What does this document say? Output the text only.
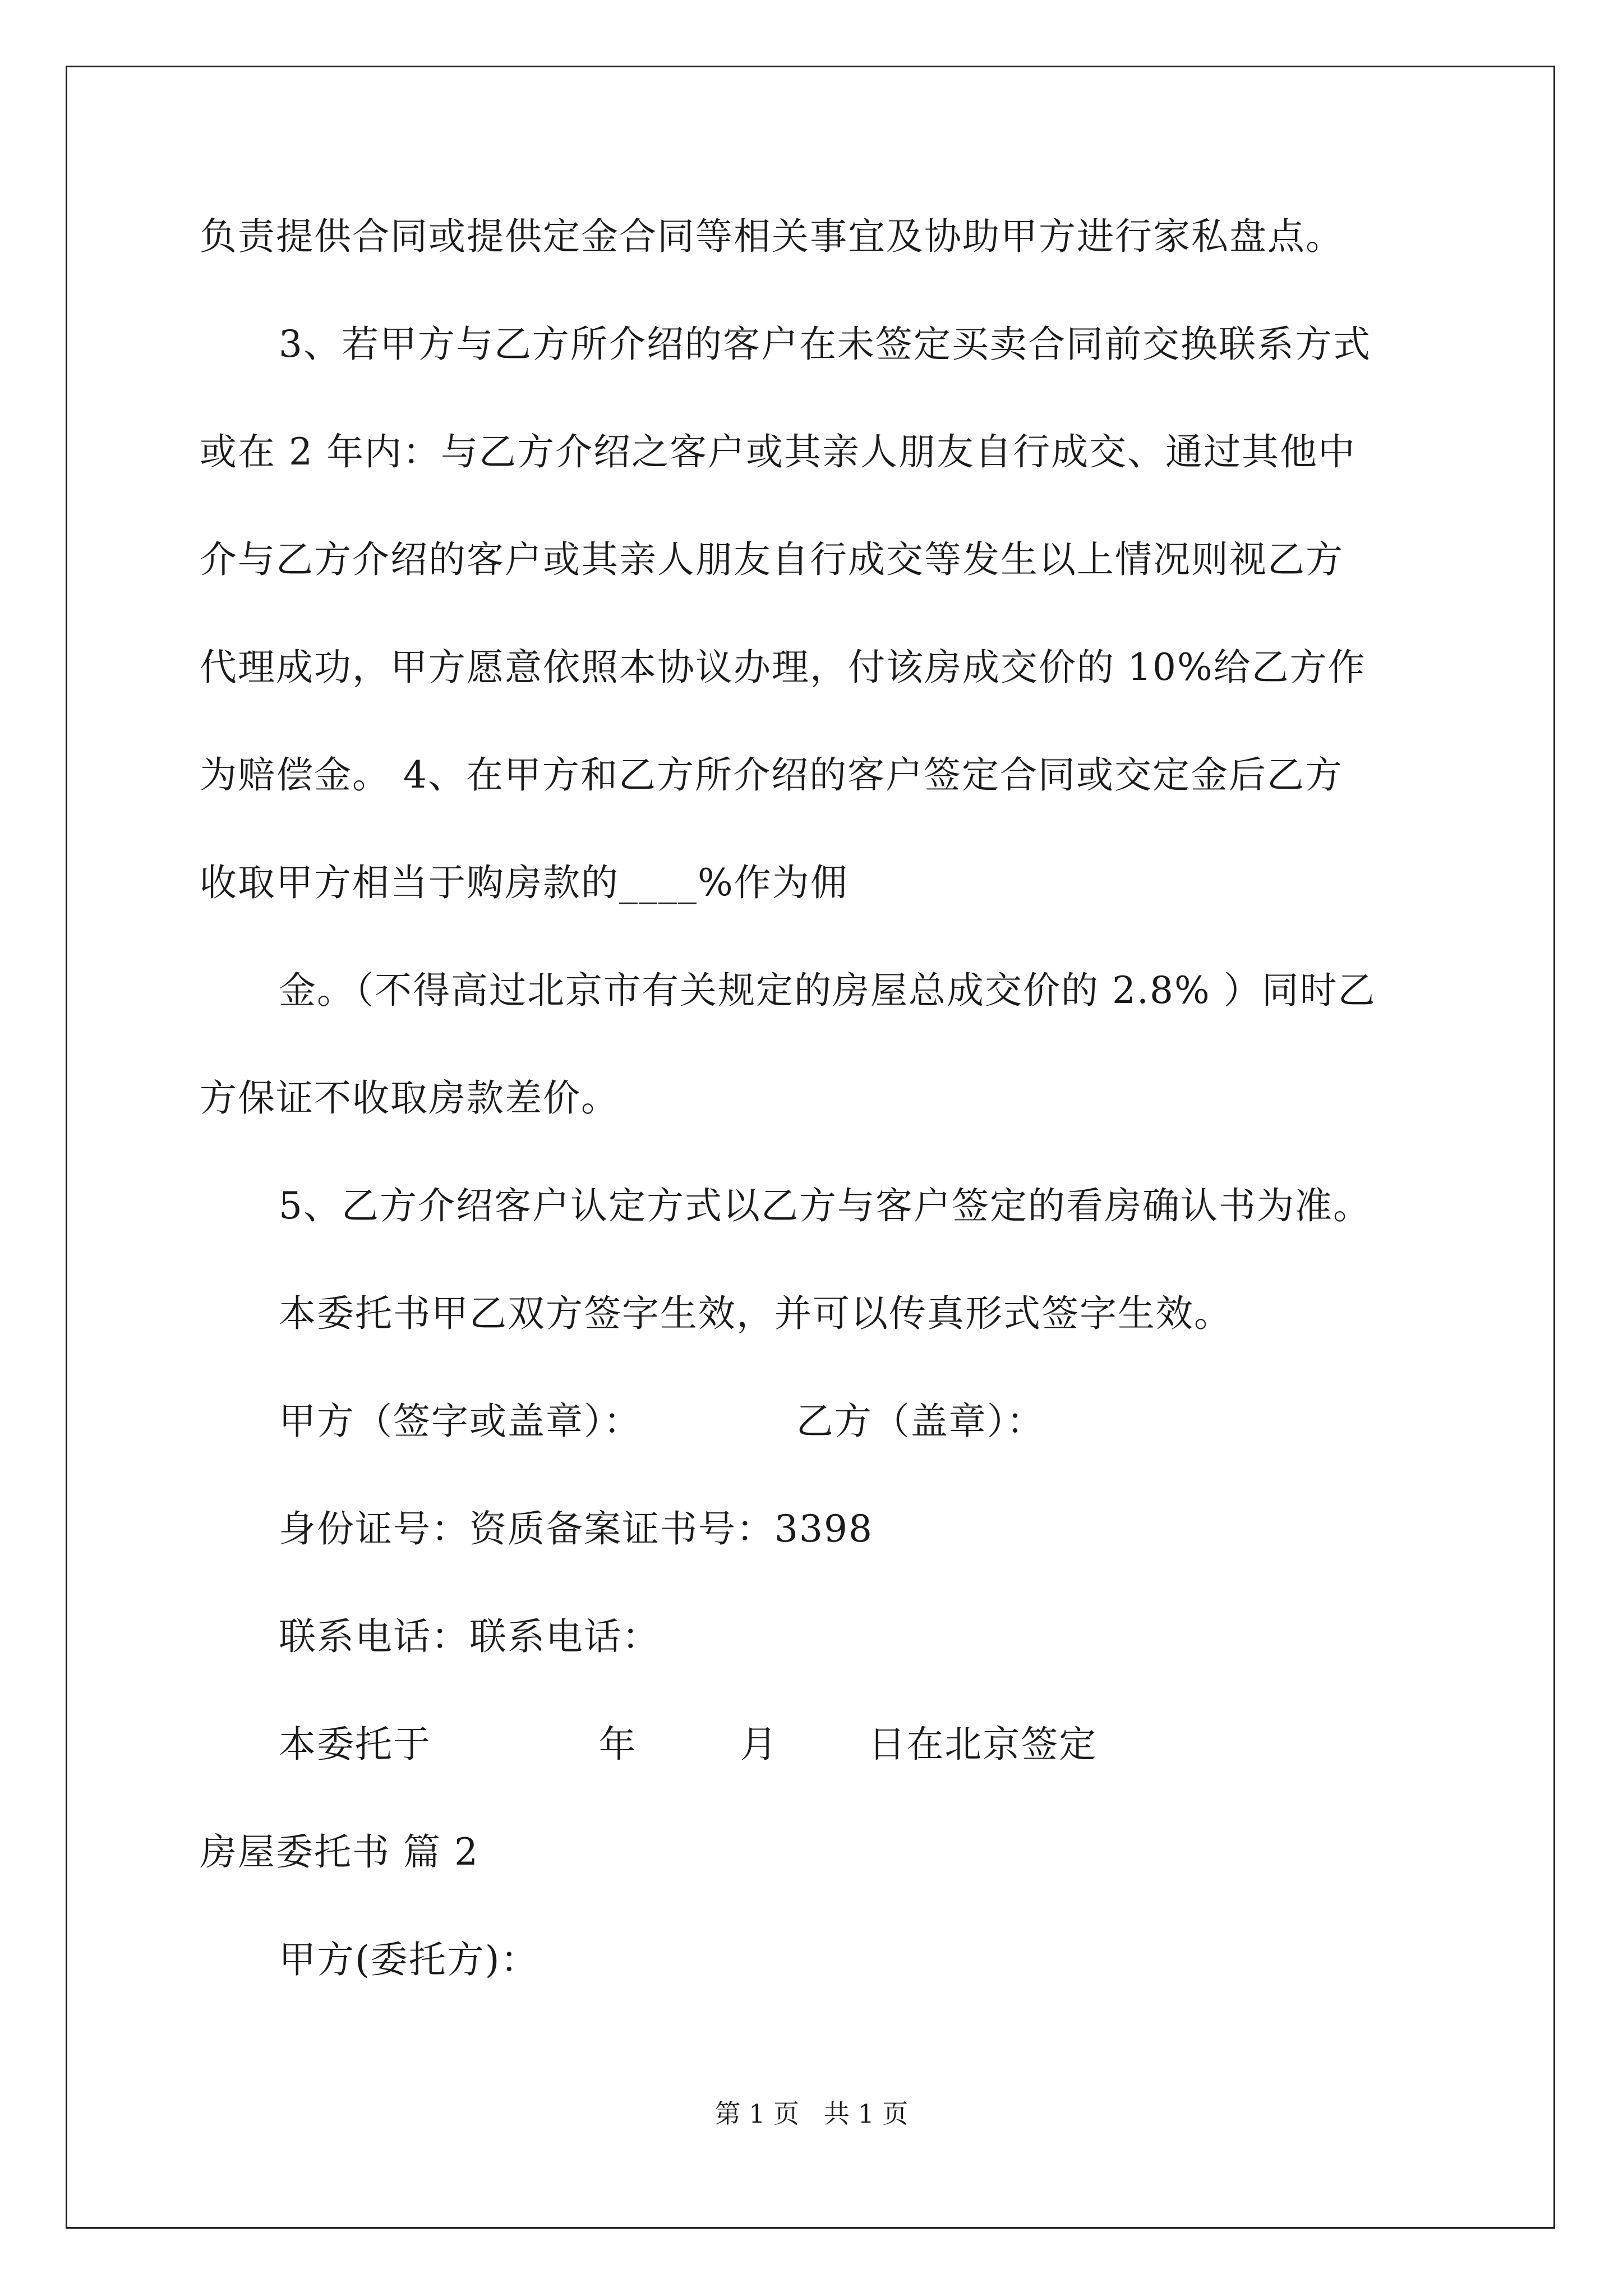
负责提供合同或提供定金合同等相关事宜及协助甲方进行家私盘点。
3、若甲方与乙方所介绍的客户在未签定买卖合同前交换联系方式
或在 2 年内：与乙方介绍之客户或其亲人朋友自行成交、通过其他中
介与乙方介绍的客户或其亲人朋友自行成交等发生以上情况则视乙方
代理成功，甲方愿意依照本协议办理，付该房成交价的 10%给乙方作
为赔偿金。 4、在甲方和乙方所介绍的客户签定合同或交定金后乙方
收取甲方相当于购房款的____%作为佣
金。（不得高过北京市有关规定的房屋总成交价的 2.8% ）同时乙
方保证不收取房款差价。
5、乙方介绍客户认定方式以乙方与客户签定的看房确认书为准。
本委托书甲乙双方签字生效，并可以传真形式签字生效。
甲方（签字或盖章）：            乙方（盖章）：
身份证号：资质备案证书号：3398
联系电话：联系电话：
本委托于             年        月       日在北京签定
房屋委托书 篇 2
甲方(委托方)：
第 1 页   共 1 页
